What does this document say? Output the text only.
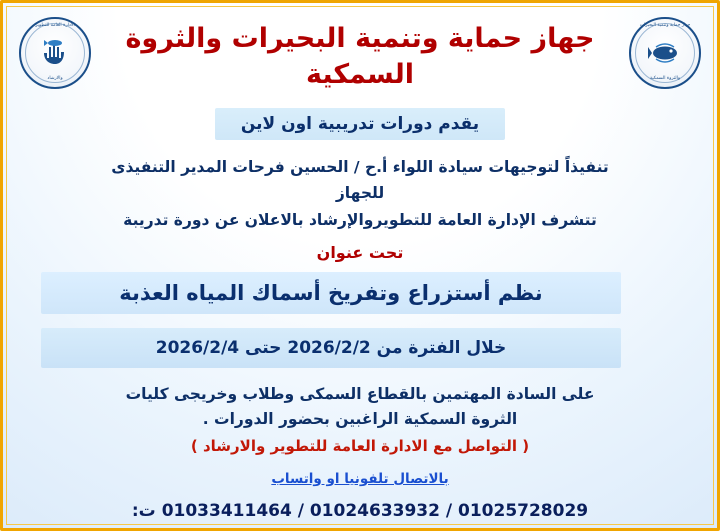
جهاز حماية وتنمية البحيرات
والثروة السمكية
الادارة العامة للتطوير
والارشاد
جهاز حماية وتنمية البحيرات والثروة السمكية
يقدم دورات تدريبية اون لاين
تنفيذاً لتوجيهات سيادة اللواء أ.ح / الحسين فرحات المدير التنفيذى للجهاز
تتشرف الإدارة العامة للتطويروالإرشاد بالاعلان عن دورة تدريبة
تحت عنوان
نظم أستزراع وتفريخ أسماك المياه العذبة
خلال الفترة من 2026/2/2 حتى 2026/2/4
على السادة المهتمين بالقطاع السمكى وطلاب وخريجى كليات
الثروة السمكية الراغبين بحضور الدورات .
( التواصل مع الادارة العامة للتطوير والارشاد )
بالاتصال تلفونيا او واتساب
01033411464 / 01024633932 / 01025728029 ت:
